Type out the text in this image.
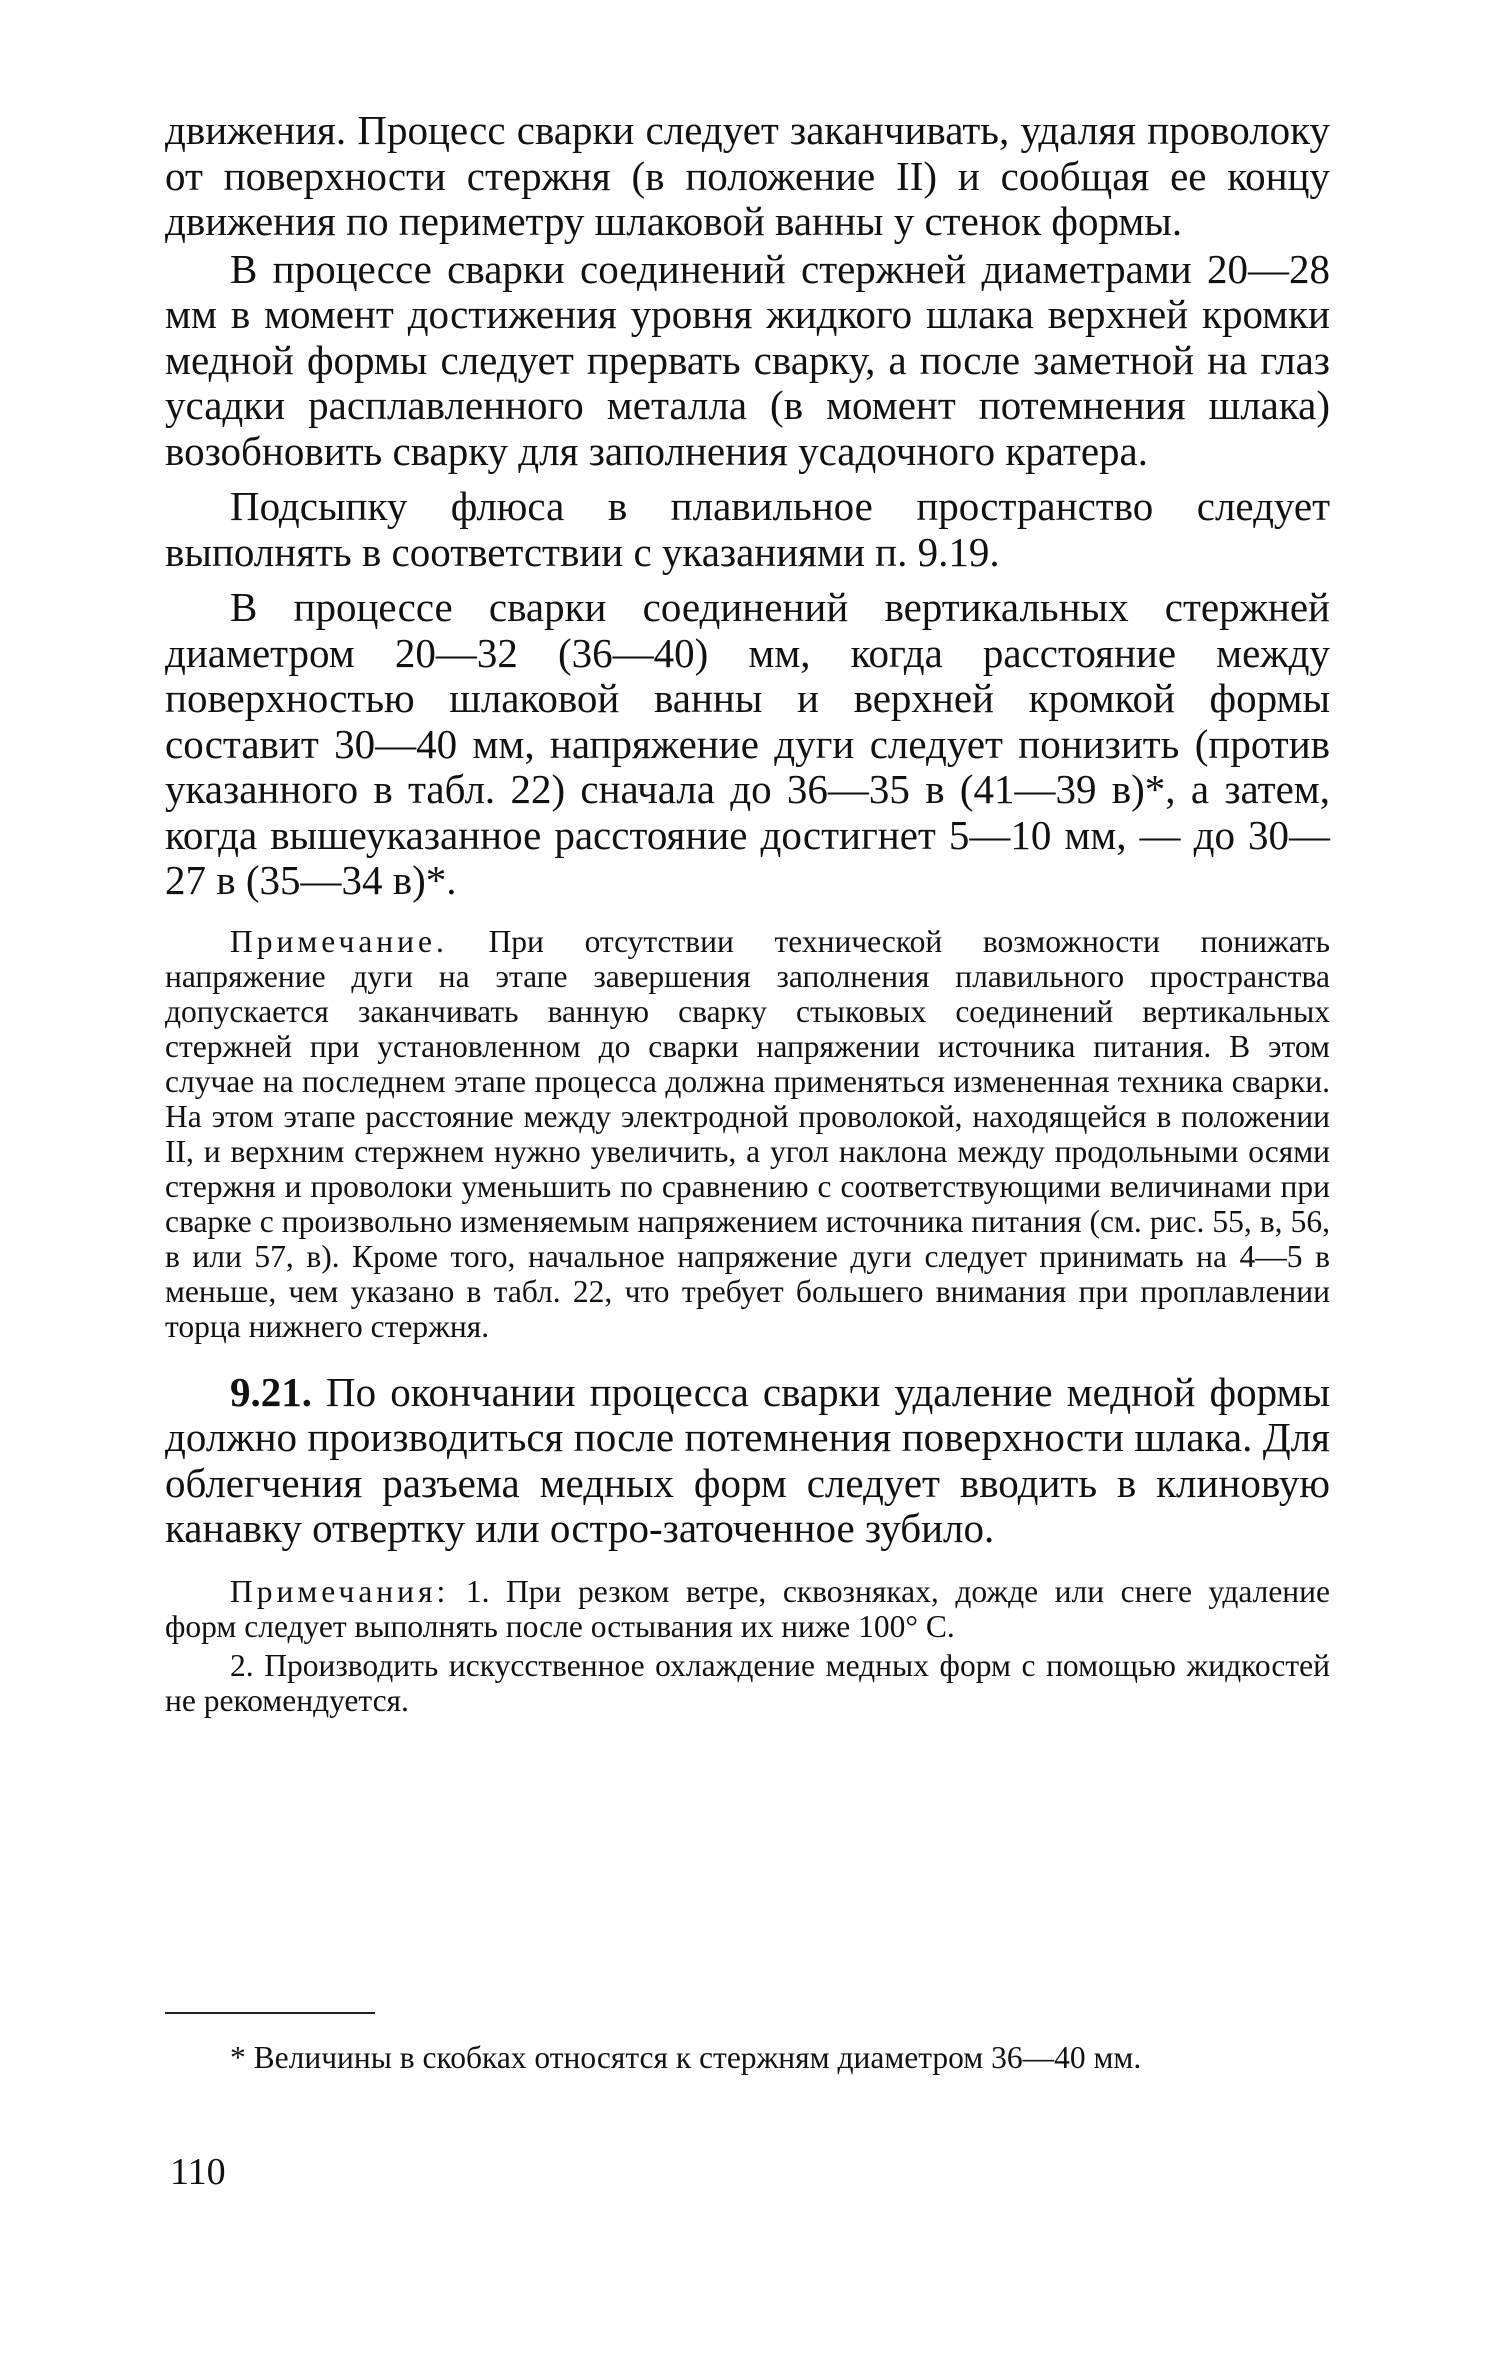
движения. Процесс сварки следует заканчивать, удаляя проволоку от поверхности стержня (в положение II) и сообщая ее концу движения по периметру шлаковой ванны у стенок формы.

В процессе сварки соединений стержней диаметрами 20—28 мм в момент достижения уровня жидкого шлака верхней кромки медной формы следует прервать сварку, а после заметной на глаз усадки расплавленного металла (в момент потемнения шлака) возобновить сварку для заполнения усадочного кратера.

Подсыпку флюса в плавильное пространство следует выполнять в соответствии с указаниями п. 9.19.

В процессе сварки соединений вертикальных стержней диаметром 20—32 (36—40) мм, когда расстояние между поверхностью шлаковой ванны и верхней кромкой формы составит 30—40 мм, напряжение дуги следует понизить (против указанного в табл. 22) сначала до 36—35 в (41—39 в)*, а затем, когда вышеуказанное расстояние достигнет 5—10 мм, — до 30—27 в (35—34 в)*.

Примечание. При отсутствии технической возможности понижать напряжение дуги на этапе завершения заполнения плавильного пространства допускается заканчивать ванную сварку стыковых соединений вертикальных стержней при установленном до сварки напряжении источника питания. В этом случае на последнем этапе процесса должна применяться измененная техника сварки. На этом этапе расстояние между электродной проволокой, находящейся в положении II, и верхним стержнем нужно увеличить, а угол наклона между продольными осями стержня и проволоки уменьшить по сравнению с соответствующими величинами при сварке с произвольно изменяемым напряжением источника питания (см. рис. 55, в, 56, в или 57, в). Кроме того, начальное напряжение дуги следует принимать на 4—5 в меньше, чем указано в табл. 22, что требует большего внимания при проплавлении торца нижнего стержня.

9.21. По окончании процесса сварки удаление медной формы должно производиться после потемнения поверхности шлака. Для облегчения разъема медных форм следует вводить в клиновую канавку отвертку или остро-заточенное зубило.

Примечания: 1. При резком ветре, сквозняках, дожде или снеге удаление форм следует выполнять после остывания их ниже 100° С.

2. Производить искусственное охлаждение медных форм с помощью жидкостей не рекомендуется.

* Величины в скобках относятся к стержням диаметром 36—40 мм.

110
